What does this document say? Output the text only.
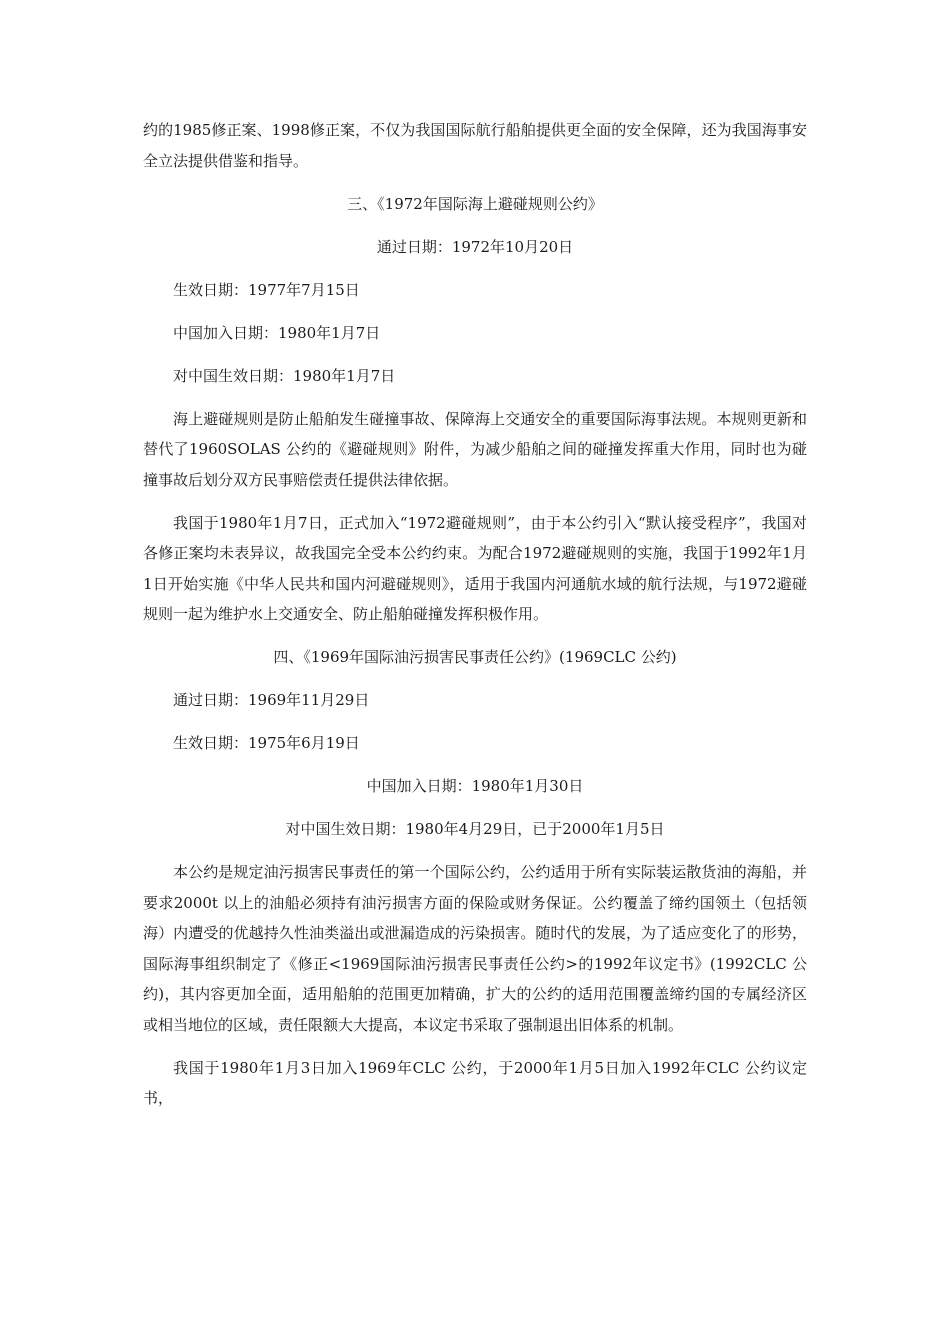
约的1985修正案、1998修正案，不仅为我国国际航行船舶提供更全面的安全保障，还为我国海事安全立法提供借鉴和指导。

三、《1972年国际海上避碰规则公约》

通过日期：1972年10月20日

生效日期：1977年7月15日

中国加入日期：1980年1月7日

对中国生效日期：1980年1月7日

海上避碰规则是防止船舶发生碰撞事故、保障海上交通安全的重要国际海事法规。本规则更新和替代了1960SOLAS 公约的《避碰规则》附件，为减少船舶之间的碰撞发挥重大作用，同时也为碰撞事故后划分双方民事赔偿责任提供法律依据。

我国于1980年1月7日，正式加入“1972避碰规则”，由于本公约引入“默认接受程序”，我国对各修正案均未表异议，故我国完全受本公约约束。为配合1972避碰规则的实施，我国于1992年1月1日开始实施《中华人民共和国内河避碰规则》，适用于我国内河通航水域的航行法规，与1972避碰规则一起为维护水上交通安全、防止船舶碰撞发挥积极作用。

四、《1969年国际油污损害民事责任公约》(1969CLC 公约)

通过日期：1969年11月29日

生效日期：1975年6月19日

中国加入日期：1980年1月30日

对中国生效日期：1980年4月29日，已于2000年1月5日

本公约是规定油污损害民事责任的第一个国际公约，公约适用于所有实际装运散货油的海船，并要求2000t 以上的油船必须持有油污损害方面的保险或财务保证。公约覆盖了缔约国领土（包括领海）内遭受的优越持久性油类溢出或泄漏造成的污染损害。随时代的发展，为了适应变化了的形势，国际海事组织制定了《修正<1969国际油污损害民事责任公约>的1992年议定书》(1992CLC 公约)，其内容更加全面，适用船舶的范围更加精确，扩大的公约的适用范围覆盖缔约国的专属经济区或相当地位的区域，责任限额大大提高，本议定书采取了强制退出旧体系的机制。

我国于1980年1月3日加入1969年CLC 公约，于2000年1月5日加入1992年CLC 公约议定书，
